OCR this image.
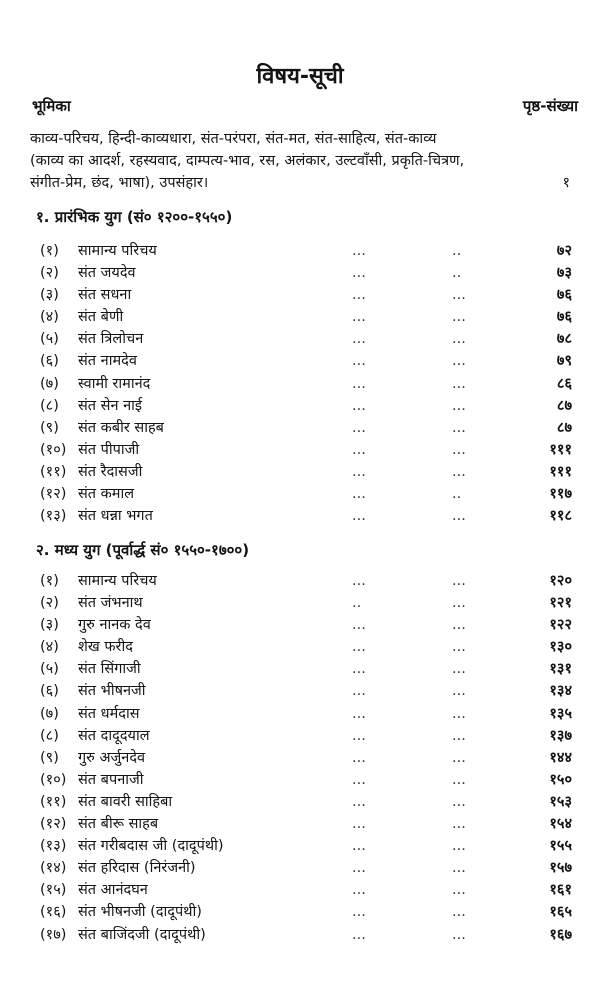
विषय-सूची
भूमिका	पृष्ठ-संख्या
काव्य-परिचय, हिन्दी-काव्यधारा, संत-परंपरा, संत-मत, संत-साहित्य, संत-काव्य
(काव्य का आदर्श, रहस्यवाद, दाम्पत्य-भाव, रस, अलंकार, उल्टवाँसी, प्रकृति-चित्रण,
संगीत-प्रेम, छंद, भाषा), उपसंहार।	१
१. प्रारंभिक युग (सं० १२००-१५५०)
(१) सामान्य परिचय	...	..	७२
(२) संत जयदेव	...	..	७३
(३) संत सधना	...	...	७६
(४) संत बेणी	...	...	७६
(५) संत त्रिलोचन	...	...	७८
(६) संत नामदेव	...	...	७९
(७) स्वामी रामानंद	...	...	८६
(८) संत सेन नाई	...	...	८७
(९) संत कबीर साहब	...	...	८७
(१०) संत पीपाजी	...	...	१११
(११) संत रैदासजी	...	...	१११
(१२) संत कमाल	...	..	११७
(१३) संत धन्ना भगत	...	...	११८
२. मध्य युग (पूर्वार्द्ध सं० १५५०-१७००)
(१) सामान्य परिचय	...	...	१२०
(२) संत जंभनाथ	..	...	१२१
(३) गुरु नानक देव	...	...	१२२
(४) शेख फरीद	...	...	१३०
(५) संत सिंगाजी	...	...	१३१
(६) संत भीषनजी	...	...	१३४
(७) संत धर्मदास	...	...	१३५
(८) संत दादूदयाल	...	...	१३७
(९) गुरु अर्जुनदेव	...	...	१४४
(१०) संत बपनाजी	...	...	१५०
(११) संत बावरी साहिबा	...	...	१५३
(१२) संत बीरू साहब	...	...	१५४
(१३) संत गरीबदास जी (दादूपंथी)	...	...	१५५
(१४) संत हरिदास (निरंजनी)	...	...	१५७
(१५) संत आनंदघन	...	...	१६१
(१६) संत भीषनजी (दादूपंथी)	...	...	१६५
(१७) संत बाजिंदजी (दादूपंथी)	...	...	१६७
